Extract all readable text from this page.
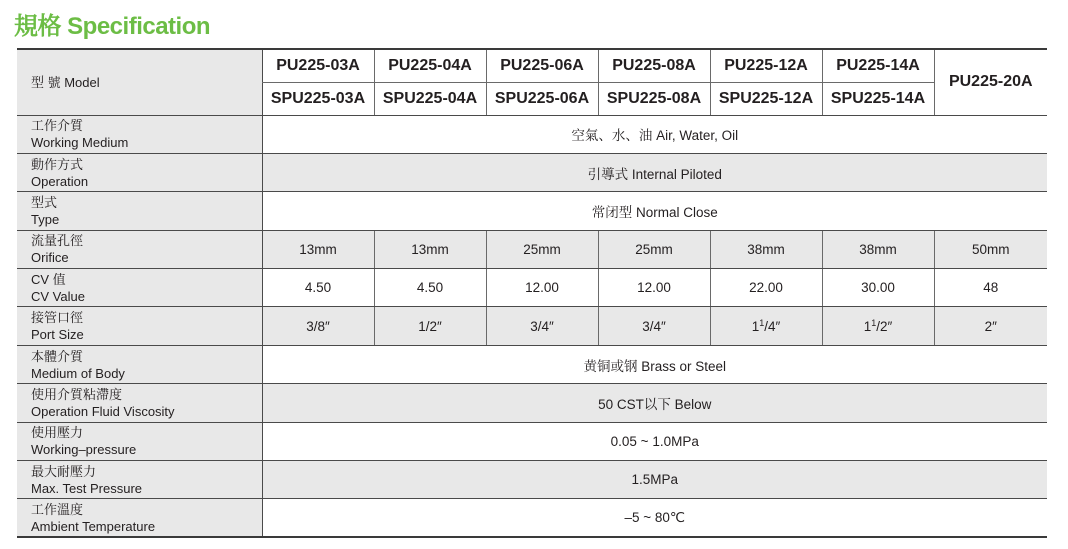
規格 Specification
型 號 Model	PU225-03A	PU225-04A	PU225-06A	PU225-08A	PU225-12A	PU225-14A	PU225-20A
	SPU225-03A	SPU225-04A	SPU225-06A	SPU225-08A	SPU225-12A	SPU225-14A	

工作介質
Working Medium	空氣、水、油 Air, Water, Oil						

動作方式
Operation	引導式 Internal Piloted						

型式
Type	常闭型 Normal Close						

流量孔徑
Orifice	13mm	13mm	25mm	25mm	38mm	38mm	50mm

CV 值
CV Value	4.50	4.50	12.00	12.00	22.00	30.00	48

接管口徑
Port Size	3/8″	1/2″	3/4″	3/4″	$1^1/4''$	$1^1/2''$	2″

本體介質
Medium of Body	黄铜或钢 Brass or Steel						

使用介質粘滯度
Operation Fluid Viscosity	50 CST以下 Below						

使用壓力
Working–pressure	0.05 ~ 1.0MPa						

最大耐壓力
Max. Test Pressure	1.5MPa						

工作溫度
Ambient Temperature	–5 ~ 80℃						
